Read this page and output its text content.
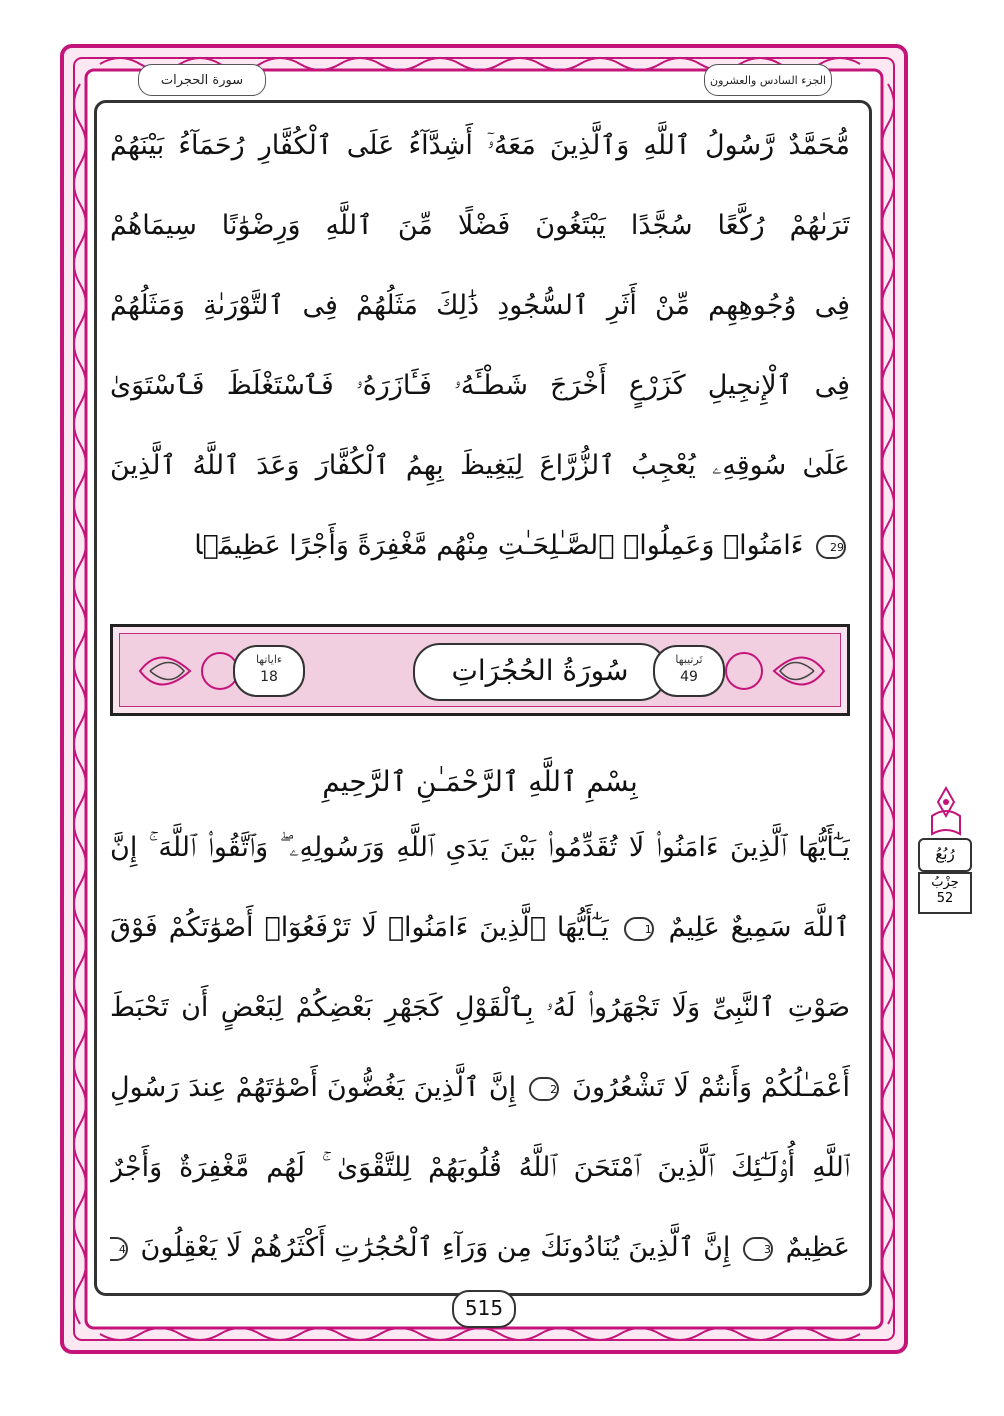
سورة الحجرات	الجزء السادس والعشرون
مُّحَمَّدٌ رَّسُولُ ٱللَّهِ وَٱلَّذِينَ مَعَهُۥٓ أَشِدَّآءُ عَلَى ٱلْكُفَّارِ رُحَمَآءُ بَيْنَهُمْ
تَرَىٰهُمْ رُكَّعًا سُجَّدًا يَبْتَغُونَ فَضْلًا مِّنَ ٱللَّهِ وَرِضْوَٰنًا سِيمَاهُمْ
فِى وُجُوهِهِم مِّنْ أَثَرِ ٱلسُّجُودِ ذَٰلِكَ مَثَلُهُمْ فِى ٱلتَّوْرَىٰةِ وَمَثَلُهُمْ
فِى ٱلْإِنجِيلِ كَزَرْعٍ أَخْرَجَ شَطْـَٔهُۥ فَـَٔازَرَهُۥ فَٱسْتَغْلَظَ فَٱسْتَوَىٰ
عَلَىٰ سُوقِهِۦ يُعْجِبُ ٱلزُّرَّاعَ لِيَغِيظَ بِهِمُ ٱلْكُفَّارَ وَعَدَ ٱللَّهُ ٱلَّذِينَ
29 ءَامَنُوا۟ وَعَمِلُوا۟ ٱلصَّـٰلِحَـٰتِ مِنْهُم مَّغْفِرَةً وَأَجْرًا عَظِيمًۢا
ءاياتها
18	سُورَةُ الحُجُرَاتِ	تَرتيبها
49
بِسْمِ ٱللَّهِ ٱلرَّحْمَـٰنِ ٱلرَّحِيمِ
رُبُعُ
حِزْبُ
52
يَـٰٓأَيُّهَا ٱلَّذِينَ ءَامَنُوا۟ لَا تُقَدِّمُوا۟ بَيْنَ يَدَىِ ٱللَّهِ وَرَسُولِهِۦ ۖ وَٱتَّقُوا۟ ٱللَّهَ ۚ إِنَّ
ٱللَّهَ سَمِيعٌ عَلِيمٌ 1 يَـٰٓأَيُّهَا ٱلَّذِينَ ءَامَنُوا۟ لَا تَرْفَعُوٓا۟ أَصْوَٰتَكُمْ فَوْقَ
صَوْتِ ٱلنَّبِىِّ وَلَا تَجْهَرُوا۟ لَهُۥ بِٱلْقَوْلِ كَجَهْرِ بَعْضِكُمْ لِبَعْضٍ أَن تَحْبَطَ
أَعْمَـٰلُكُمْ وَأَنتُمْ لَا تَشْعُرُونَ 2 إِنَّ ٱلَّذِينَ يَغُضُّونَ أَصْوَٰتَهُمْ عِندَ رَسُولِ
ٱللَّهِ أُو۟لَـٰٓئِكَ ٱلَّذِينَ ٱمْتَحَنَ ٱللَّهُ قُلُوبَهُمْ لِلتَّقْوَىٰ ۚ لَهُم مَّغْفِرَةٌ وَأَجْرٌ
عَظِيمٌ 3 إِنَّ ٱلَّذِينَ يُنَادُونَكَ مِن وَرَآءِ ٱلْحُجُرَٰتِ أَكْثَرُهُمْ لَا يَعْقِلُونَ 4
515
